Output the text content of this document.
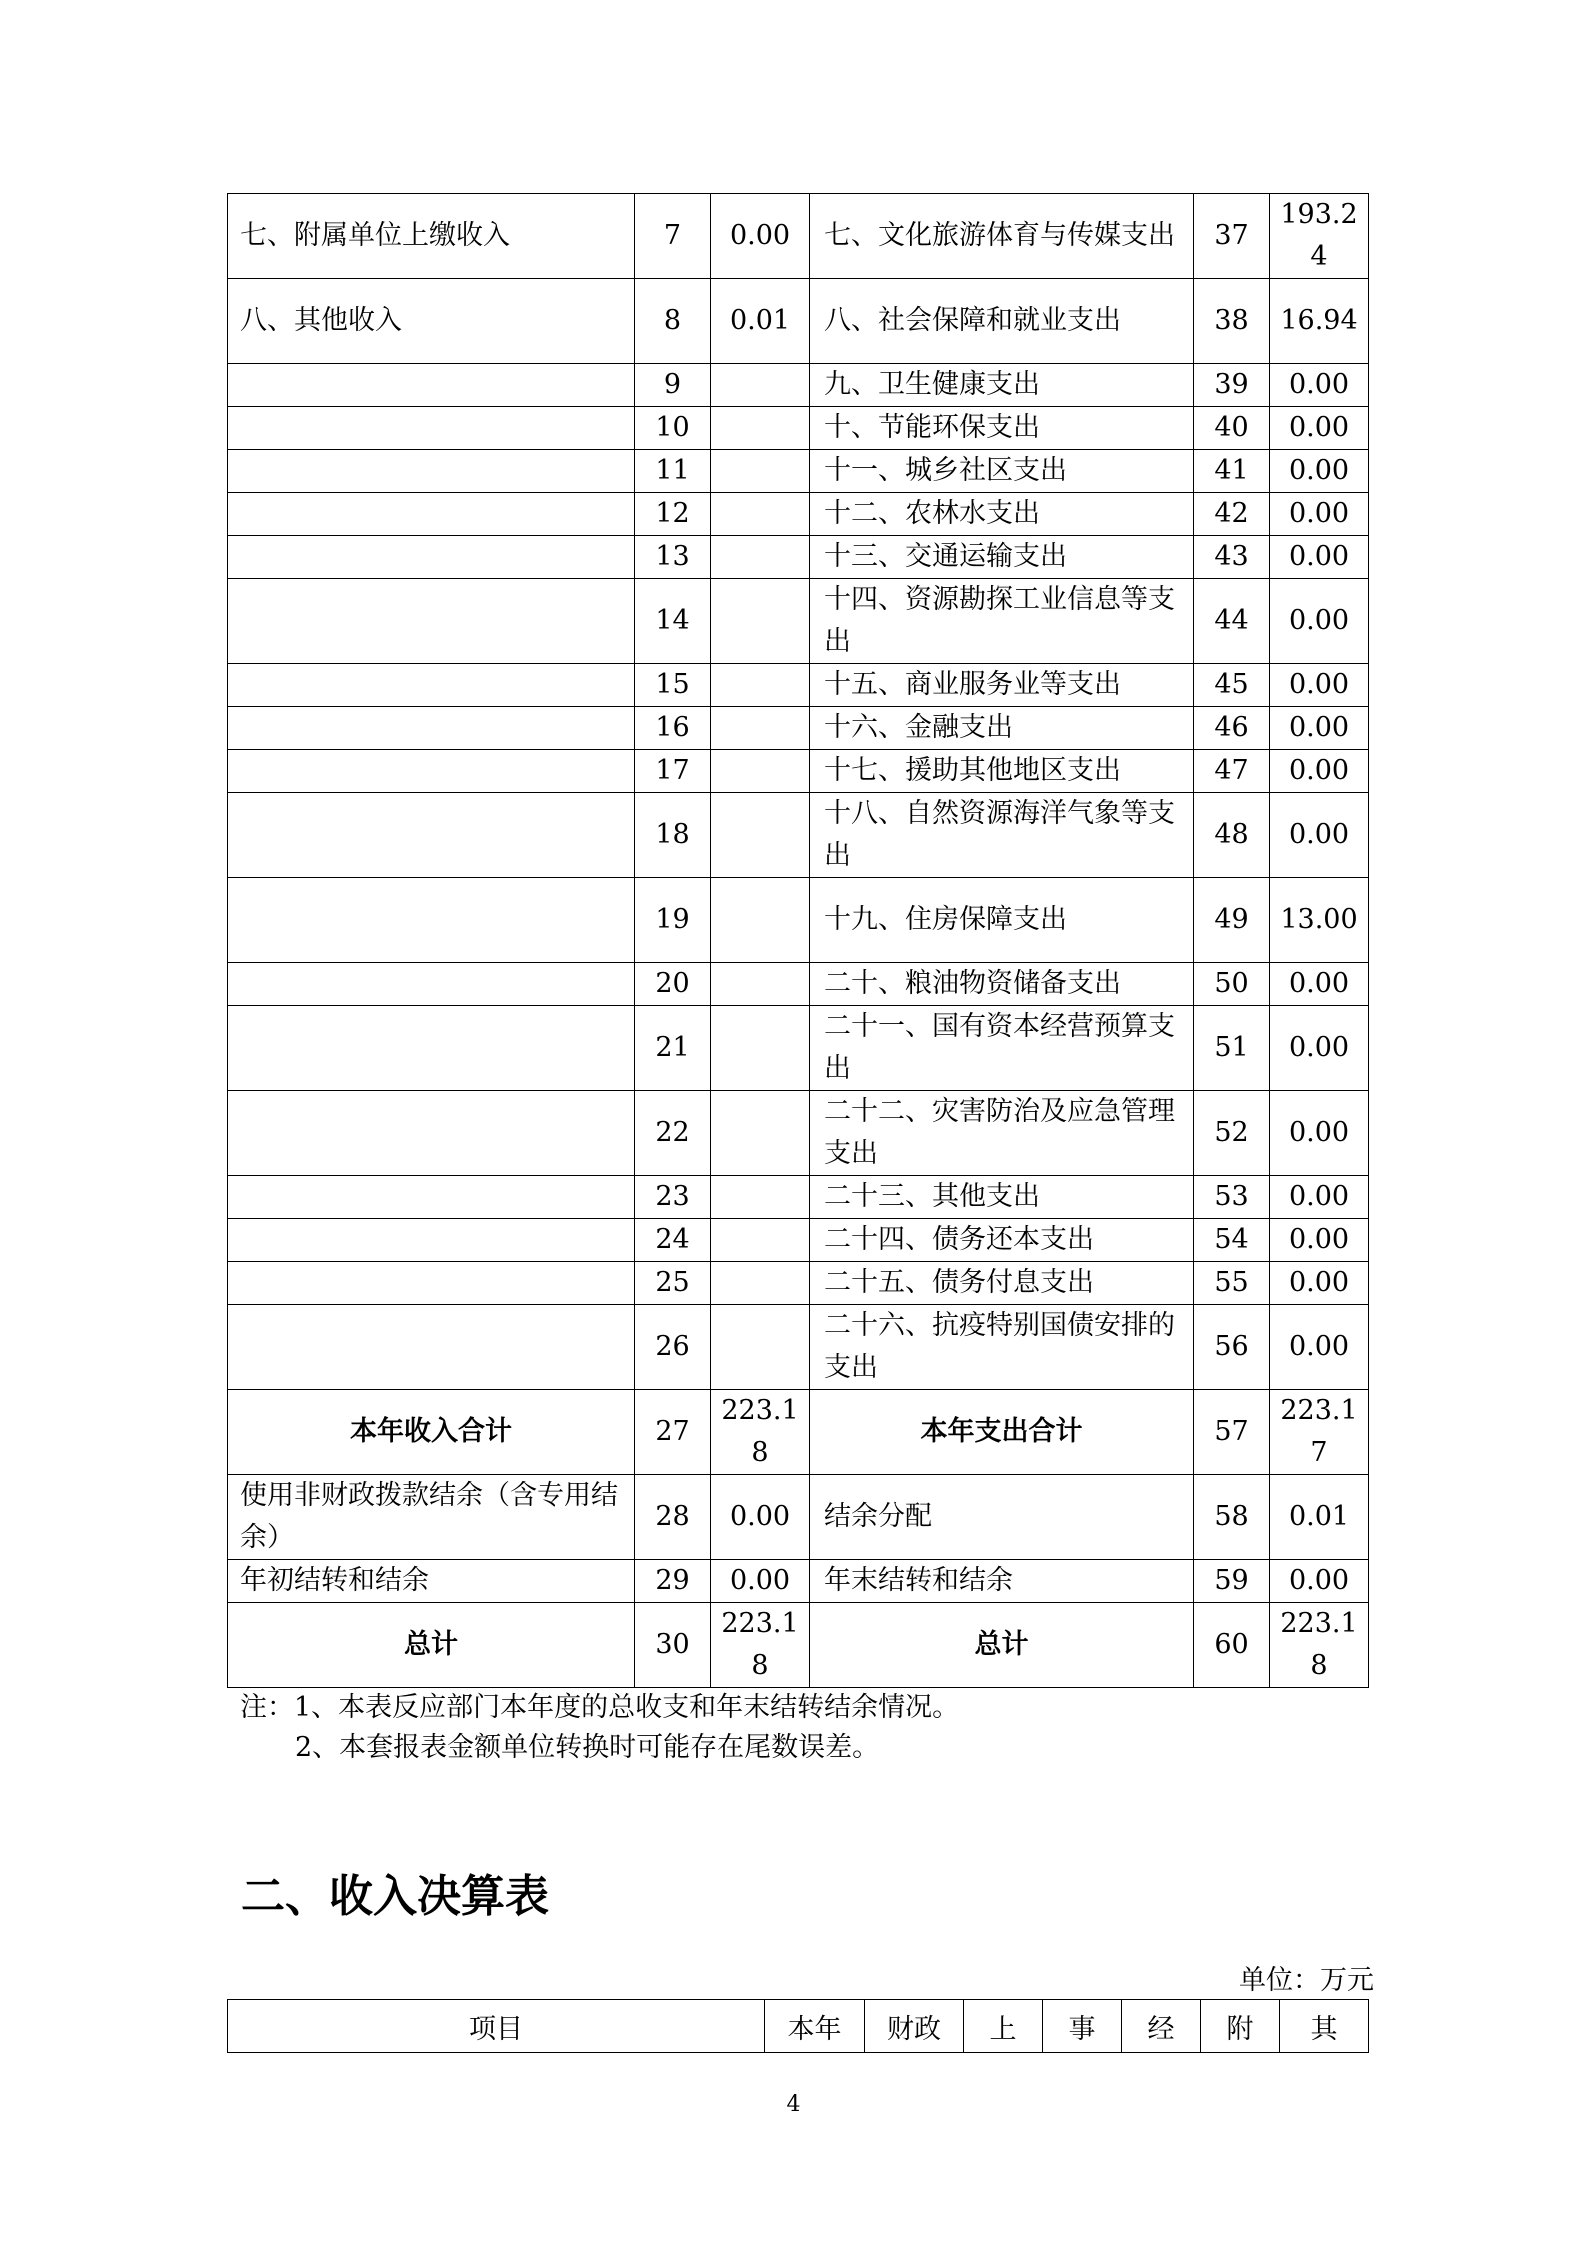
七、附属单位上缴收入	7	0.00	七、文化旅游体育与传媒支出	37	193.24
八、其他收入	8	0.01	八、社会保障和就业支出	38	16.94
	9		九、卫生健康支出	39	0.00
	10		十、节能环保支出	40	0.00
	11		十一、城乡社区支出	41	0.00
	12		十二、农林水支出	42	0.00
	13		十三、交通运输支出	43	0.00
	14		十四、资源勘探工业信息等支出	44	0.00
	15		十五、商业服务业等支出	45	0.00
	16		十六、金融支出	46	0.00
	17		十七、援助其他地区支出	47	0.00
	18		十八、自然资源海洋气象等支出	48	0.00
	19		十九、住房保障支出	49	13.00
	20		二十、粮油物资储备支出	50	0.00
	21		二十一、国有资本经营预算支出	51	0.00
	22		二十二、灾害防治及应急管理支出	52	0.00
	23		二十三、其他支出	53	0.00
	24		二十四、债务还本支出	54	0.00
	25		二十五、债务付息支出	55	0.00
	26		二十六、抗疫特别国债安排的支出	56	0.00
本年收入合计	27	223.18	本年支出合计	57	223.17
使用非财政拨款结余（含专用结余）	28	0.00	结余分配	58	0.01
年初结转和结余	29	0.00	年末结转和结余	59	0.00
总计	30	223.18	总计	60	223.18
注：1、本表反应部门本年度的总收支和年末结转结余情况。
2、本套报表金额单位转换时可能存在尾数误差。
二、收入决算表
单位：万元
项目	本年	财政	上	事	经	附	其
4
